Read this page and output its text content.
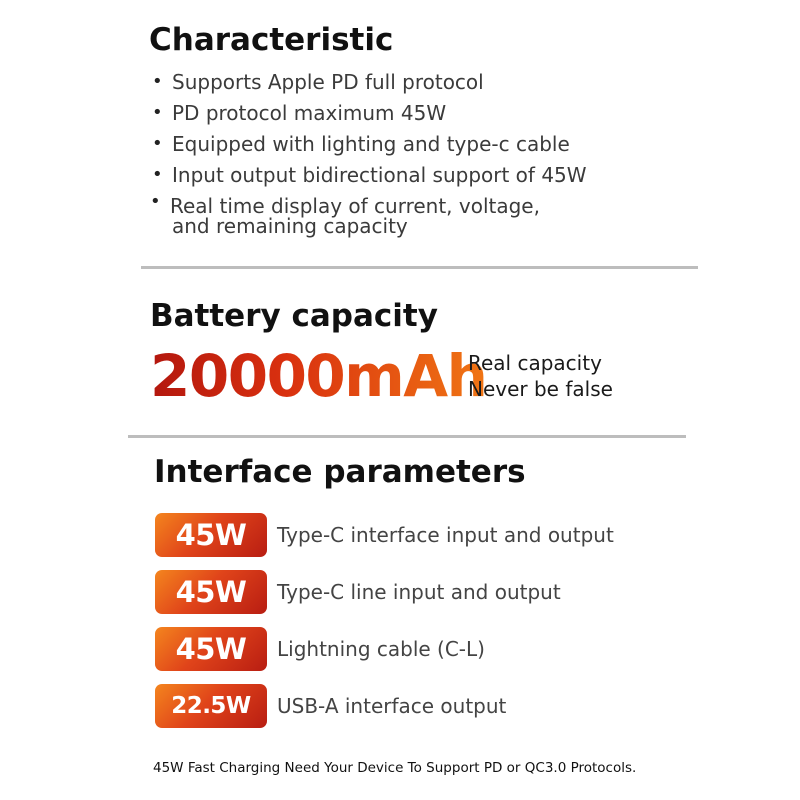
Characteristic
• Supports Apple PD full protocol
• PD protocol maximum 45W
• Equipped with lighting and type-c cable
• Input output bidirectional support of 45W
• Real time display of current, voltage,
and remaining capacity
Battery capacity
20000mAh
Real capacity
Never be false
Interface parameters
45W	Type-C interface input and output
45W	Type-C line input and output
45W	Lightning cable (C-L)
22.5W	USB-A interface output
45W Fast Charging Need Your Device To Support PD or QC3.0 Protocols.
